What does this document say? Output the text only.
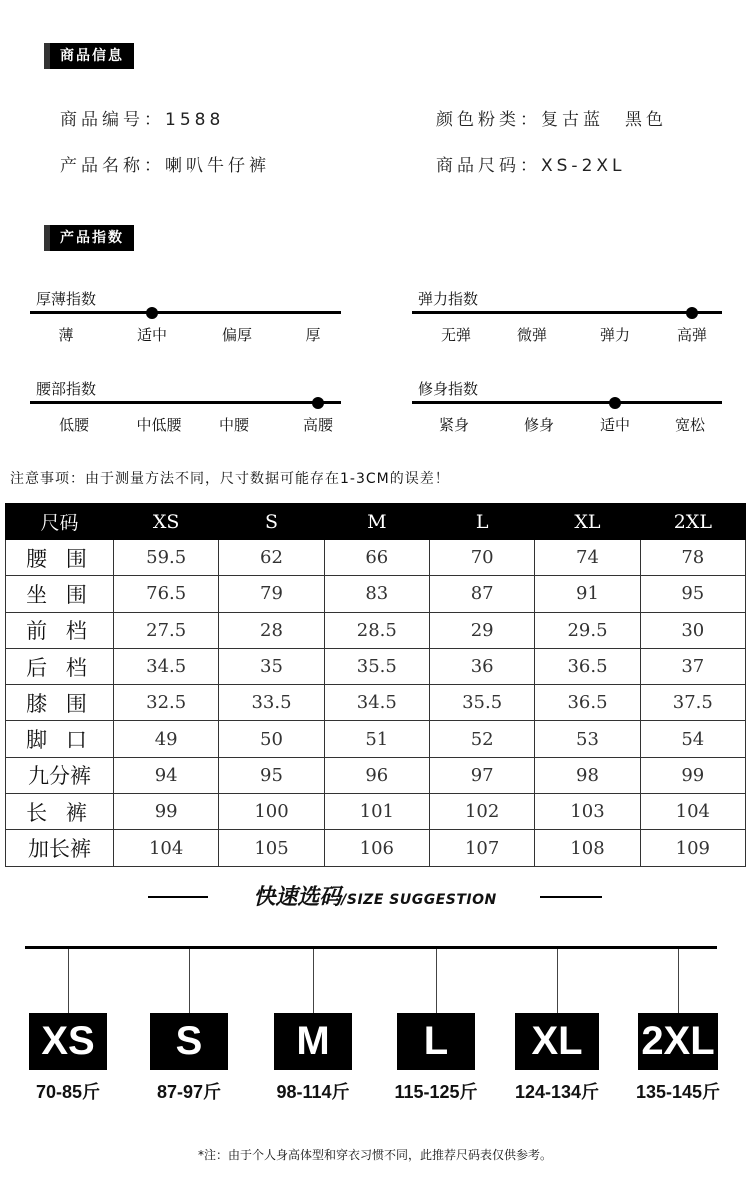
商品信息
商品编号：1588	颜色粉类：复古蓝　黑色
产品名称：喇叭牛仔裤	商品尺码：XS-2XL
产品指数
厚薄指数
薄	适中	偏厚	厚
弹力指数
无弹	微弹	弹力	高弹
腰部指数
低腰	中低腰 中腰	高腰
修身指数
紧身	修身	适中	宽松
注意事项：由于测量方法不同，尺寸数据可能存在1-3CM的误差！
尺码	XS	S	M	L	XL	2XL
腰 围	59.5	62	66	70	74	78
坐 围	76.5	79	83	87	91	95
前 档	27.5	28	28.5	29	29.5	30
后 档	34.5	35	35.5	36	36.5	37
膝 围	32.5	33.5	34.5	35.5	36.5	37.5
脚 口	49	50	51	52	53	54
九分裤	94	95	96	97	98	99
长 裤	99	100	101	102	103	104
加长裤	104	105	106	107	108	109
快速选码/SIZE SUGGESTION
XS
70-85斤
S
87-97斤
M
98-114斤
L
115-125斤
XL
124-134斤
2XL
135-145斤
*注：由于个人身高体型和穿衣习惯不同，此推荐尺码表仅供参考。
